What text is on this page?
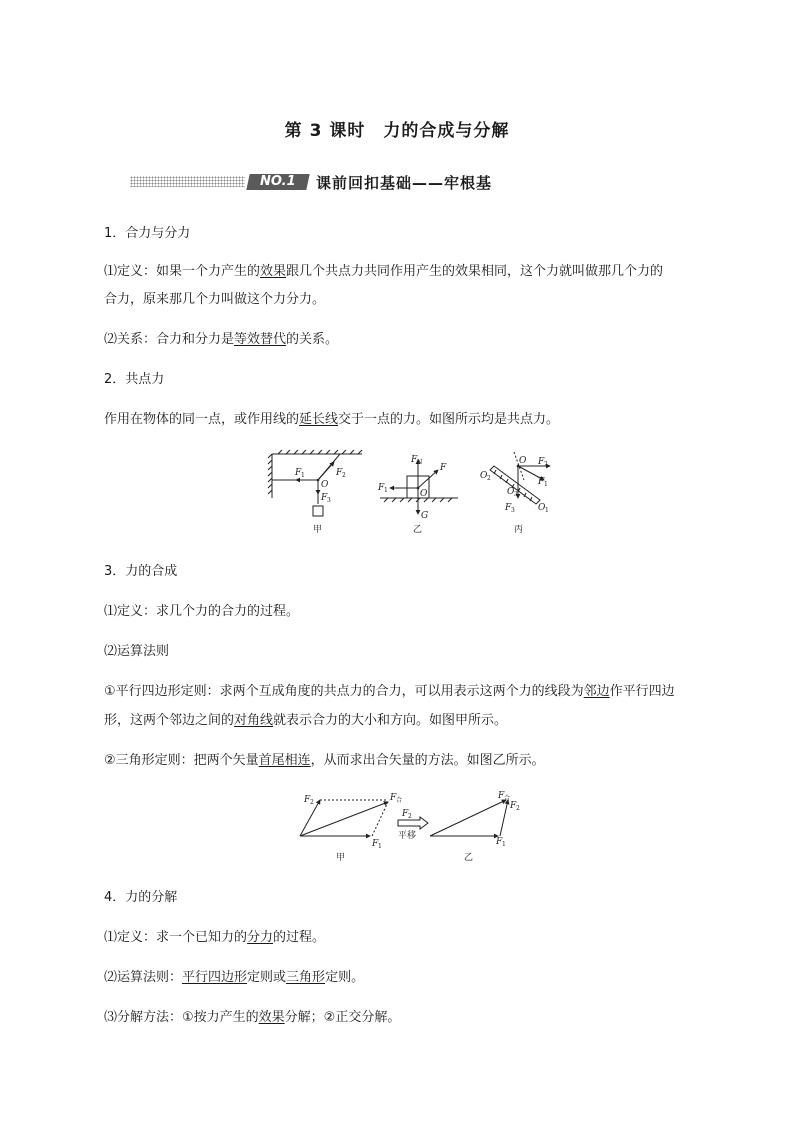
第 3 课时　力的合成与分解
NO.1	课前回扣基础——牢根基
1．合力与分力
⑴定义：如果一个力产生的效果跟几个共点力共同作用产生的效果相同，这个力就叫做那几个力的
合力，原来那几个力叫做这个力分力。
⑵关系：合力和分力是等效替代的关系。
2．共点力
作用在物体的同一点，或作用线的延长线交于一点的力。如图所示均是共点力。
F 1	F 2
O
F 3
甲
F N
F
F 1	O
G
乙
O F 2
F 1
O 2
O 3
F 3	O 1
丙
3．力的合成
⑴定义：求几个力的合力的过程。
⑵运算法则
①平行四边形定则：求两个互成角度的共点力的合力，可以用表示这两个力的线段为邻边作平行四边
形，这两个邻边之间的对角线就表示合力的大小和方向。如图甲所示。
②三角形定则：把两个矢量首尾相连，从而求出合矢量的方法。如图乙所示。
F 2	F 合
F 1
甲
F 2
平移
F 合
F 2
F 1
乙
4．力的分解
⑴定义：求一个已知力的分力的过程。
⑵运算法则：平行四边形定则或三角形定则。
⑶分解方法：①按力产生的效果分解；②正交分解。
